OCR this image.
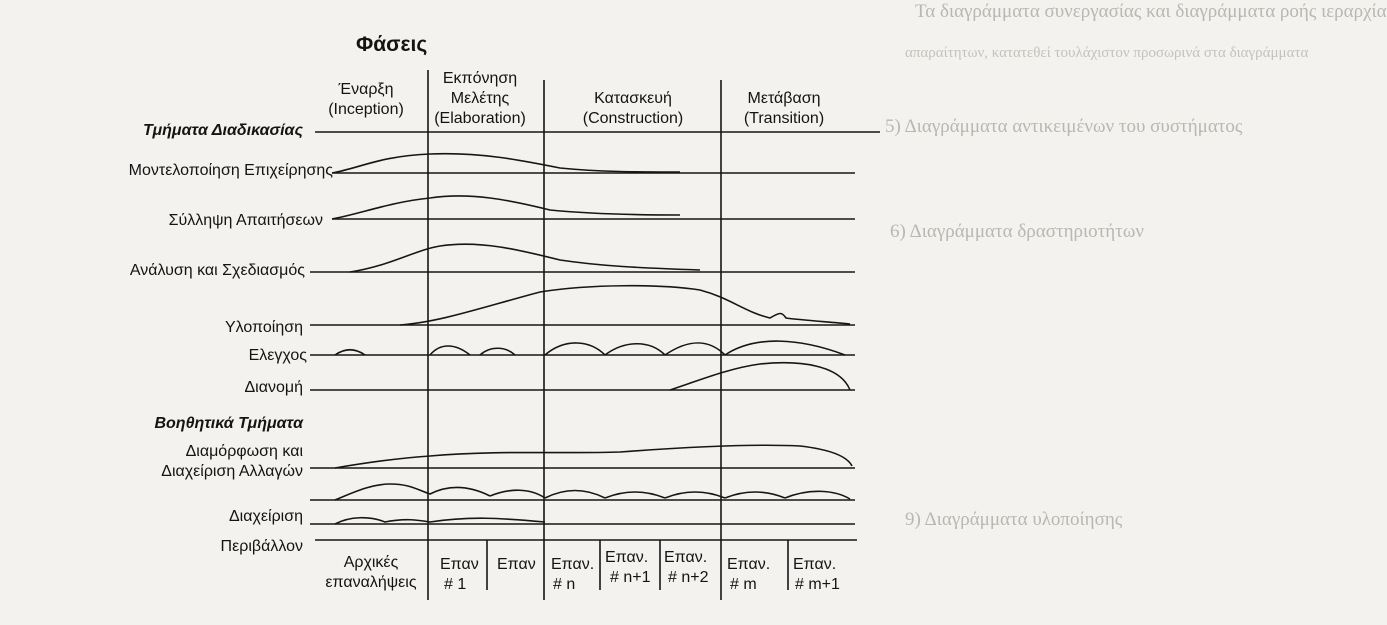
Τα διαγράμματα συνεργασίας και διαγράμματα ροής ιεραρχία
απαραίτητων, κατατεθεί τουλάχιστον προσωρινά στα διαγράμματα
5) Διαγράμματα αντικειμένων του συστήματος
6) Διαγράμματα δραστηριοτήτων
9) Διαγράμματα υλοποίησης
Φάσεις
Έναρξη
(Inception)
Εκπόνηση
Μελέτης
(Elaboration)
Κατασκευή
(Construction)
Μετάβαση
(Transition)
Τμήματα Διαδικασίας
Μοντελοποίηση Επιχείρησης
Σύλληψη Απαιτήσεων
Ανάλυση και Σχεδιασμός
Υλοποίηση
Ελεγχος
Διανομή
Βοηθητικά Τμήματα
Διαμόρφωση και
Διαχείριση Αλλαγών
Διαχείριση
Περιβάλλον
Αρχικές
επαναλήψεις
Επαν
# 1
Επαν Επαν.
# n
Επαν.
# n+1
Επαν.
# n+2
Επαν.
# m
Επαν.
# m+1
